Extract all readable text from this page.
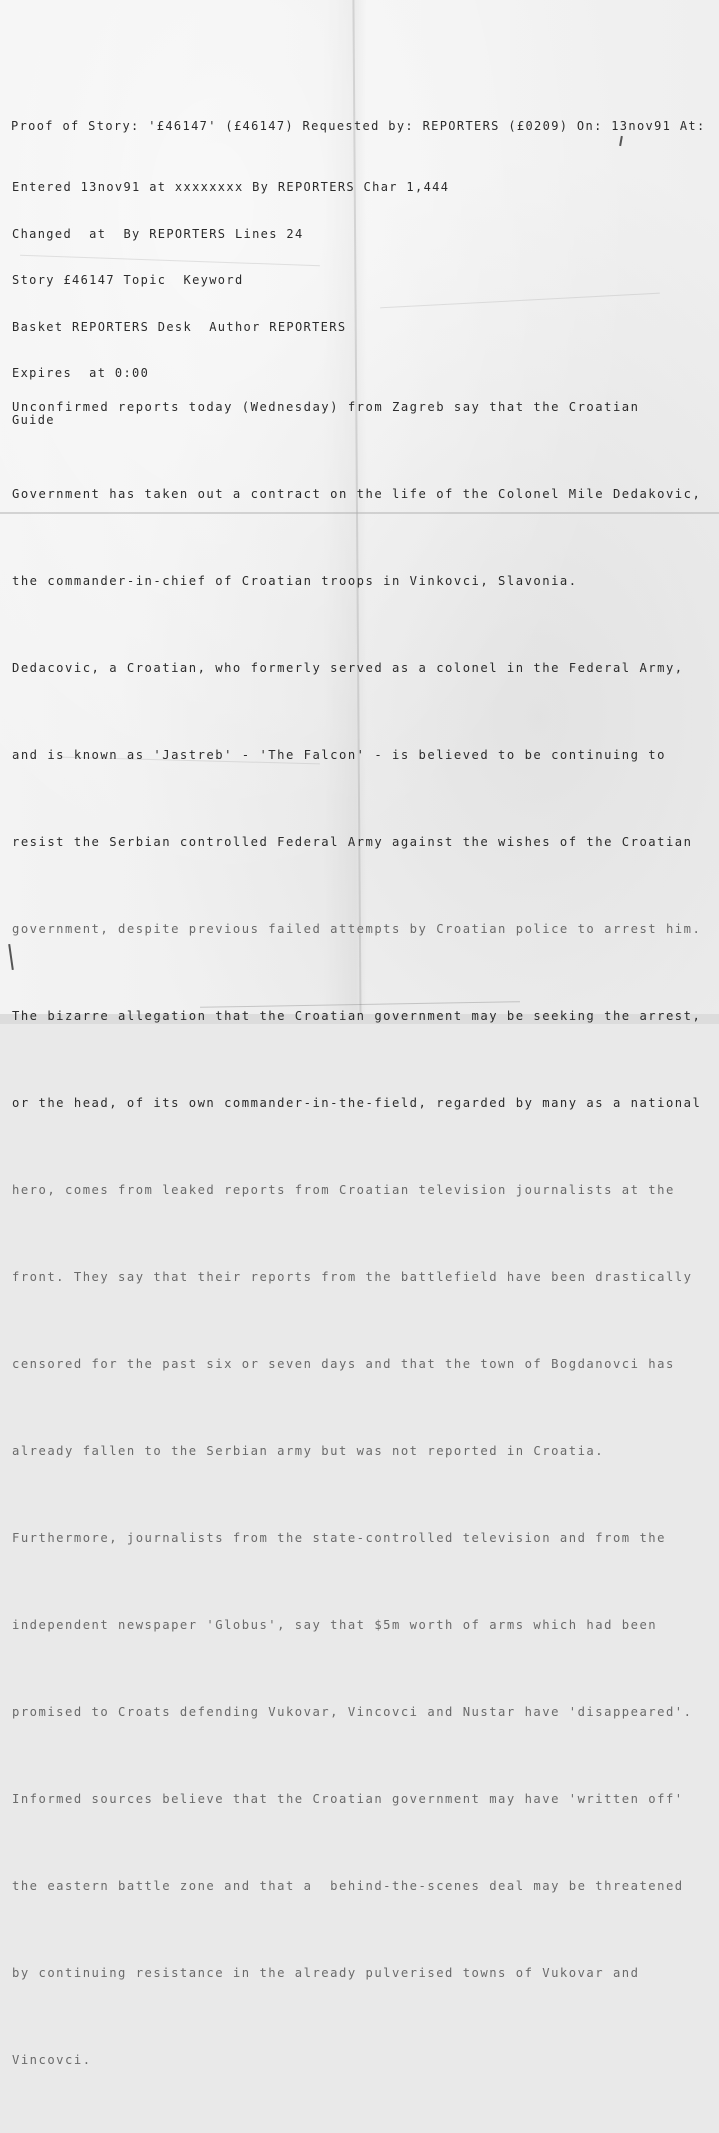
Proof of Story: '£46147' (£46147) Requested by: REPORTERS (£0209) On: 13nov91 At:

Entered 13nov91 at xxxxxxxx By REPORTERS Char 1,444

Changed  at  By REPORTERS Lines 24

Story £46147 Topic  Keyword

Basket REPORTERS Desk  Author REPORTERS

Expires  at 0:00

Guide

Unconfirmed reports today (Wednesday) from Zagreb say that the Croatian

Government has taken out a contract on the life of the Colonel Mile Dedakovic,

the commander-in-chief of Croatian troops in Vinkovci, Slavonia.

Dedacovic, a Croatian, who formerly served as a colonel in the Federal Army,

and is known as 'Jastreb' - 'The Falcon' - is believed to be continuing to

resist the Serbian controlled Federal Army against the wishes of the Croatian

government, despite previous failed attempts by Croatian police to arrest him.

The bizarre allegation that the Croatian government may be seeking the arrest,

or the head, of its own commander-in-the-field, regarded by many as a national

hero, comes from leaked reports from Croatian television journalists at the

front. They say that their reports from the battlefield have been drastically

censored for the past six or seven days and that the town of Bogdanovci has

already fallen to the Serbian army but was not reported in Croatia.

Furthermore, journalists from the state-controlled television and from the

independent newspaper 'Globus', say that $5m worth of arms which had been

promised to Croats defending Vukovar, Vincovci and Nustar have 'disappeared'.

Informed sources believe that the Croatian government may have 'written off'

the eastern battle zone and that a  behind-the-scenes deal may be threatened

by continuing resistance in the already pulverised towns of Vukovar and

Vincovci.
